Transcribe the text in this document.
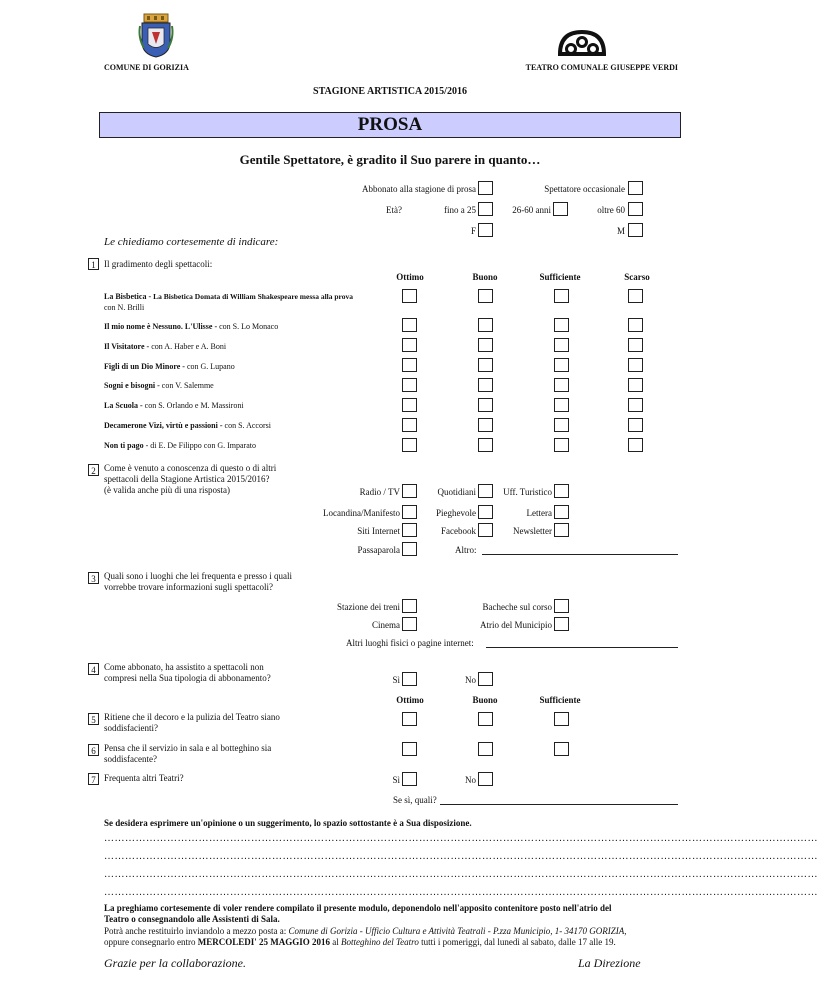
COMUNE DI GORIZIA	TEATRO COMUNALE GIUSEPPE VERDI
STAGIONE ARTISTICA 2015/2016
PROSA
Gentile Spettatore, è gradito il Suo parere in quanto…
Abbonato alla stagione di prosa	Spettatore occasionale
Età?	fino a 25	26-60 anni	oltre 60
F	M
Le chiediamo cortesemente di indicare:
1 Il gradimento degli spettacoli:
Ottimo	Buono	Sufficiente	Scarso
La Bisbetica - La Bisbetica Domata di William Shakespeare messa alla prova
con N. Brilli
Il mio nome è Nessuno. L'Ulisse - con S. Lo Monaco
Il Visitatore - con A. Haber e A. Boni
Figli di un Dio Minore - con G. Lupano
Sogni e bisogni - con V. Salemme
La Scuola - con S. Orlando e M. Massironi
Decamerone Vizi, virtù e passioni - con S. Accorsi
Non ti pago - di E. De Filippo con G. Imparato
2 Come è venuto a conoscenza di questo o di altri
spettacoli della Stagione Artistica 2015/2016?
(è valida anche più di una risposta)	Radio / TV	Quotidiani	Uff. Turistico
Locandina/Manifesto	Pieghevole	Lettera
Siti Internet	Facebook	Newsletter
Passaparola	Altro:
3 Quali sono i luoghi che lei frequenta e presso i quali
vorrebbe trovare informazioni sugli spettacoli?
Stazione dei treni	Bacheche sul corso
Cinema	Atrio del Municipio
Altri luoghi fisici o pagine internet:
4 Come abbonato, ha assistito a spettacoli non
compresi nella Sua tipologia di abbonamento?	Sì	No
Ottimo	Buono	Sufficiente
5 Ritiene che il decoro e la pulizia del Teatro siano
soddisfacienti?
6 Pensa che il servizio in sala e al botteghino sia
soddisfacente?
7 Frequenta altri Teatri?	Sì	No
Se sì, quali?
Se desidera esprimere un'opinione o un suggerimento, lo spazio sottostante è a Sua disposizione.
……………………………………………………………………………………………………………………………………………………………………………………
……………………………………………………………………………………………………………………………………………………………………………………
……………………………………………………………………………………………………………………………………………………………………………………
……………………………………………………………………………………………………………………………………………………………………………………
La preghiamo cortesemente di voler rendere compilato il presente modulo, deponendolo nell'apposito contenitore posto nell'atrio del
Teatro o consegnandolo alle Assistenti di Sala.
Potrà anche restituirlo inviandolo a mezzo posta a: Comune di Gorizia - Ufficio Cultura e Attività Teatrali - P.zza Municipio, 1- 34170 GORIZIA,
oppure consegnarlo entro MERCOLEDI' 25 MAGGIO 2016 al Botteghino del Teatro tutti i pomeriggi, dal lunedì al sabato, dalle 17 alle 19.
Grazie per la collaborazione.	La Direzione
